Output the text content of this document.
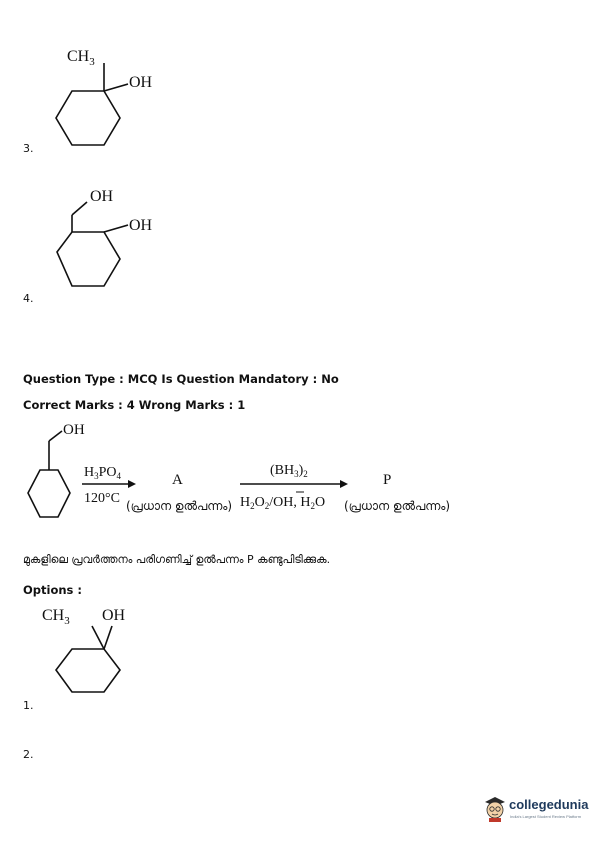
$CH_3$
OH
3.
OH
OH
4.
Question Type : MCQ Is Question Mandatory : No
Correct Marks : 4 Wrong Marks : 1
OH
$H_3PO_4$
120°C
A
(പ്രധാന ഉൽപന്നം)
$(BH_3)_2$
$H_2O_2/OH$, $H_2O$
P
(പ്രധാന ഉൽപന്നം)
മുകളിലെ പ്രവർത്തനം പരിഗണിച്ച് ഉൽപന്നം P കണ്ടുപിടിക്കുക.
Options :
$CH_3$ OH
1.
2.
collegedunia
India's Largest Student Review Platform
